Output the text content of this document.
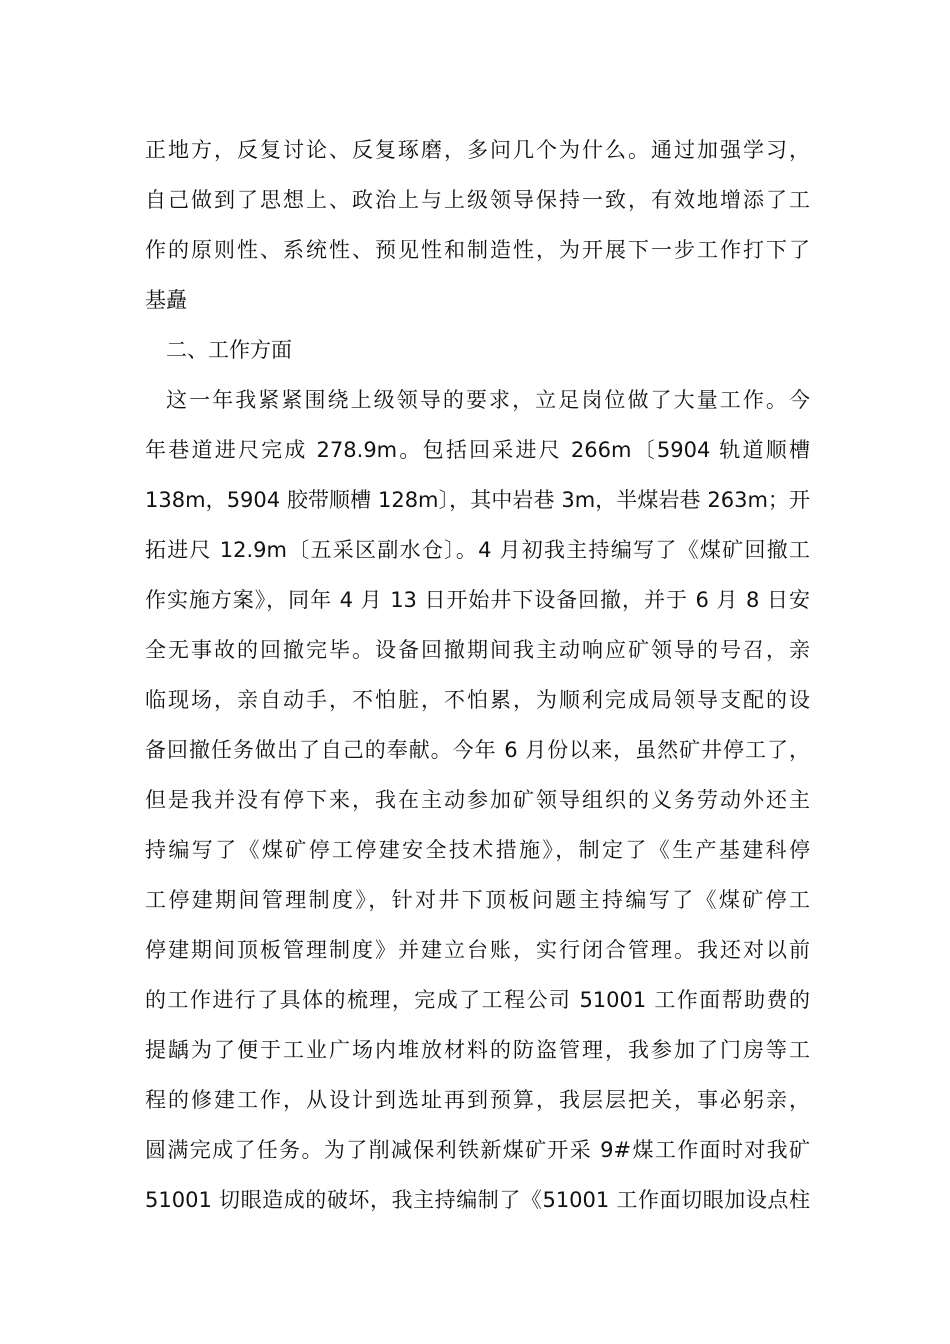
正地方，反复讨论、反复琢磨，多问几个为什么。通过加强学习，
自己做到了思想上、政治上与上级领导保持一致，有效地增添了工
作的原则性、系统性、预见性和制造性，为开展下一步工作打下了
基矗
二、工作方面
这一年我紧紧围绕上级领导的要求，立足岗位做了大量工作。今
年巷道进尺完成 278.9m。包括回采进尺 266m〔5904 轨道顺槽
138m，5904 胶带顺槽 128m〕，其中岩巷 3m，半煤岩巷 263m；开
拓进尺 12.9m〔五采区副水仓〕。4 月初我主持编写了《煤矿回撤工
作实施方案》，同年 4 月 13 日开始井下设备回撤，并于 6 月 8 日安
全无事故的回撤完毕。设备回撤期间我主动响应矿领导的号召，亲
临现场，亲自动手，不怕脏，不怕累，为顺利完成局领导支配的设
备回撤任务做出了自己的奉献。今年 6 月份以来，虽然矿井停工了，
但是我并没有停下来，我在主动参加矿领导组织的义务劳动外还主
持编写了《煤矿停工停建安全技术措施》，制定了《生产基建科停
工停建期间管理制度》，针对井下顶板问题主持编写了《煤矿停工
停建期间顶板管理制度》并建立台账，实行闭合管理。我还对以前
的工作进行了具体的梳理，完成了工程公司 51001 工作面帮助费的
提龋为了便于工业广场内堆放材料的防盗管理，我参加了门房等工
程的修建工作，从设计到选址再到预算，我层层把关，事必躬亲，
圆满完成了任务。为了削减保利铁新煤矿开采 9#煤工作面时对我矿
51001 切眼造成的破坏，我主持编制了《51001 工作面切眼加设点柱
